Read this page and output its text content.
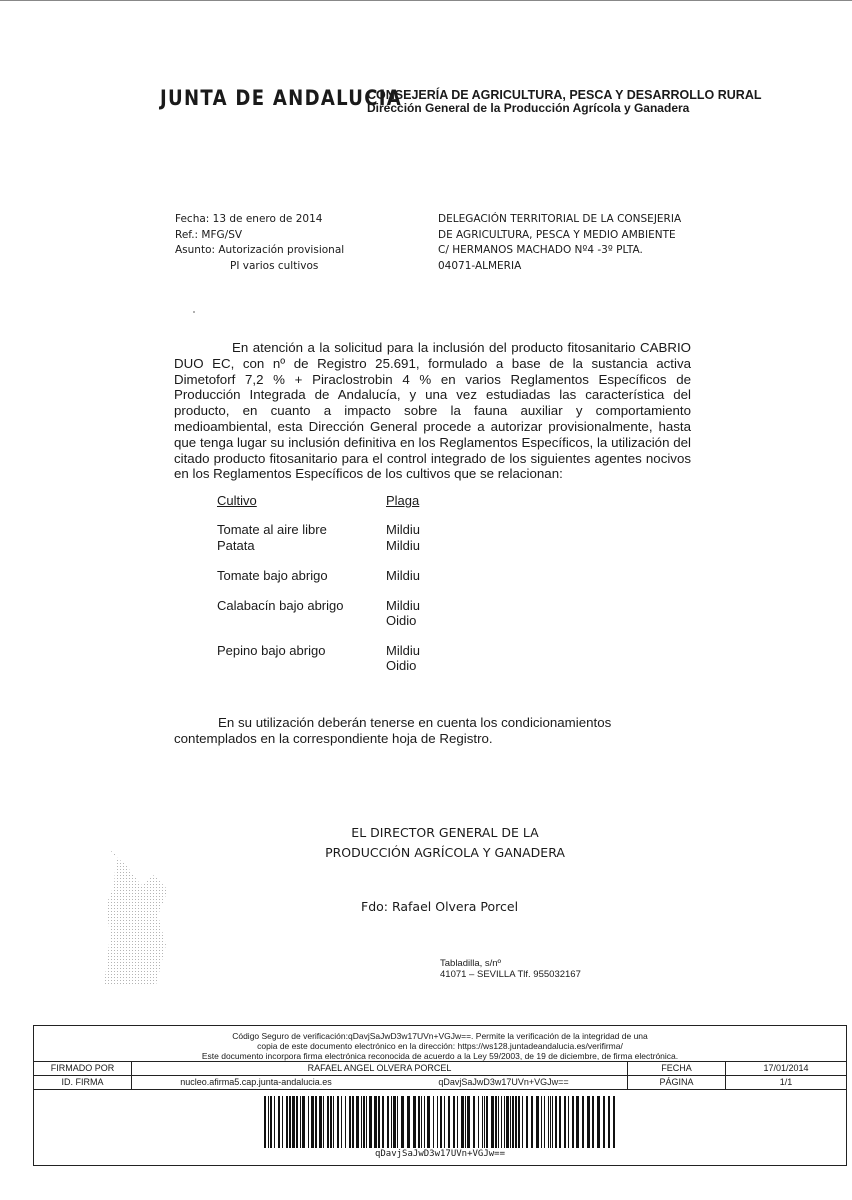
JUNTA DE ANDALUCIA
CONSEJERÍA DE AGRICULTURA, PESCA Y DESARROLLO RURAL
Dirección General de la Producción Agrícola y Ganadera
Fecha: 13 de enero de 2014
Ref.: MFG/SV
Asunto: Autorización provisional
PI varios cultivos
DELEGACIÓN TERRITORIAL DE LA CONSEJERIA
DE AGRICULTURA, PESCA Y MEDIO AMBIENTE
C/ HERMANOS MACHADO Nº4 -3º PLTA.
04071-ALMERIA
En atención a la solicitud para la inclusión del producto fitosanitario CABRIO DUO EC, con nº de Registro 25.691, formulado a base de la sustancia activa Dimetoforf 7,2 % + Piraclostrobin 4 % en varios Reglamentos Específicos de Producción Integrada de Andalucía, y una vez estudiadas las característica del producto, en cuanto a impacto sobre la fauna auxiliar y comportamiento medioambiental, esta Dirección General procede a autorizar provisionalmente, hasta que tenga lugar su inclusión definitiva en los Reglamentos Específicos, la utilización del citado producto fitosanitario para el control integrado de los siguientes agentes nocivos en los Reglamentos Específicos de los cultivos que se relacionan:
Cultivo	Plaga
Tomate al aire libre	Mildiu
Patata	Mildiu
Tomate bajo abrigo	Mildiu
Calabacín bajo abrigo	Mildiu
Oidio
Pepino bajo abrigo	Mildiu
Oidio
En su utilización deberán tenerse en cuenta los condicionamientos contemplados en la correspondiente hoja de Registro.
EL DIRECTOR GENERAL DE LA
PRODUCCIÓN AGRÍCOLA Y GANADERA
Fdo: Rafael Olvera Porcel
Tabladilla, s/nº
41071 – SEVILLA Tlf. 955032167
Código Seguro de verificación:qDavjSaJwD3w17UVn+VGJw==. Permite la verificación de la integridad de una
copia de este documento electrónico en la dirección: https://ws128.juntadeandalucia.es/verifirma/
Este documento incorpora firma electrónica reconocida de acuerdo a la Ley 59/2003, de 19 de diciembre, de firma electrónica.
FIRMADO POR	RAFAEL ANGEL OLVERA PORCEL	FECHA	17/01/2014
ID. FIRMA	nucleo.afirma5.cap.junta-andalucia.es	qDavjSaJwD3w17UVn+VGJw==	PÁGINA	1/1
qDavjSaJwD3w17UVn+VGJw==
